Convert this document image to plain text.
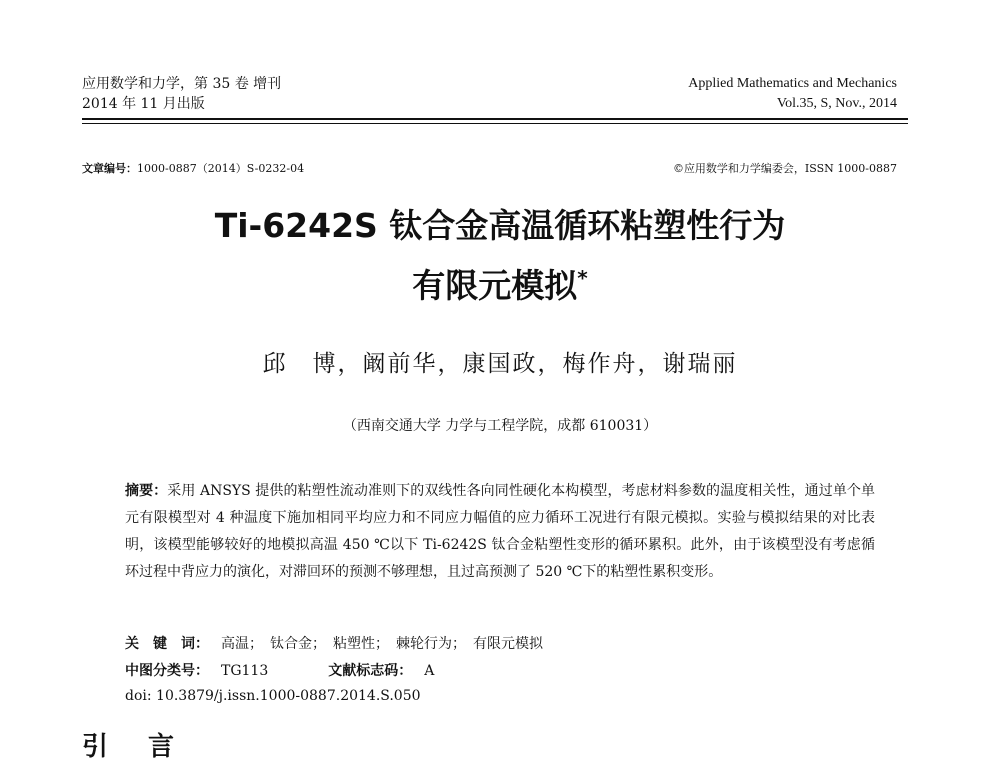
应用数学和力学，第 35 卷 增刊
2014 年 11 月出版
Applied Mathematics and Mechanics
Vol.35, S, Nov., 2014
文章编号：1000-0887（2014）S-0232-04	©应用数学和力学编委会，ISSN 1000-0887
Ti-6242S 钛合金高温循环粘塑性行为
有限元模拟*
邱　博，阚前华，康国政，梅作舟，谢瑞丽
（西南交通大学 力学与工程学院，成都 610031）
摘要：采用 ANSYS 提供的粘塑性流动准则下的双线性各向同性硬化本构模型，考虑材料参数的温度相关性，通过单个单元有限模型对 4 种温度下施加相同平均应力和不同应力幅值的应力循环工况进行有限元模拟。实验与模拟结果的对比表明，该模型能够较好的地模拟高温 450 ℃以下 Ti-6242S 钛合金粘塑性变形的循环累积。此外，由于该模型没有考虑循环过程中背应力的演化，对滞回环的预测不够理想，且过高预测了 520 ℃下的粘塑性累积变形。
关　键　词： 高温；　钛合金；　粘塑性；　棘轮行为；　有限元模拟
中图分类号： TG113	文献标志码： A
doi: 10.3879/j.issn.1000-0887.2014.S.050
引言
